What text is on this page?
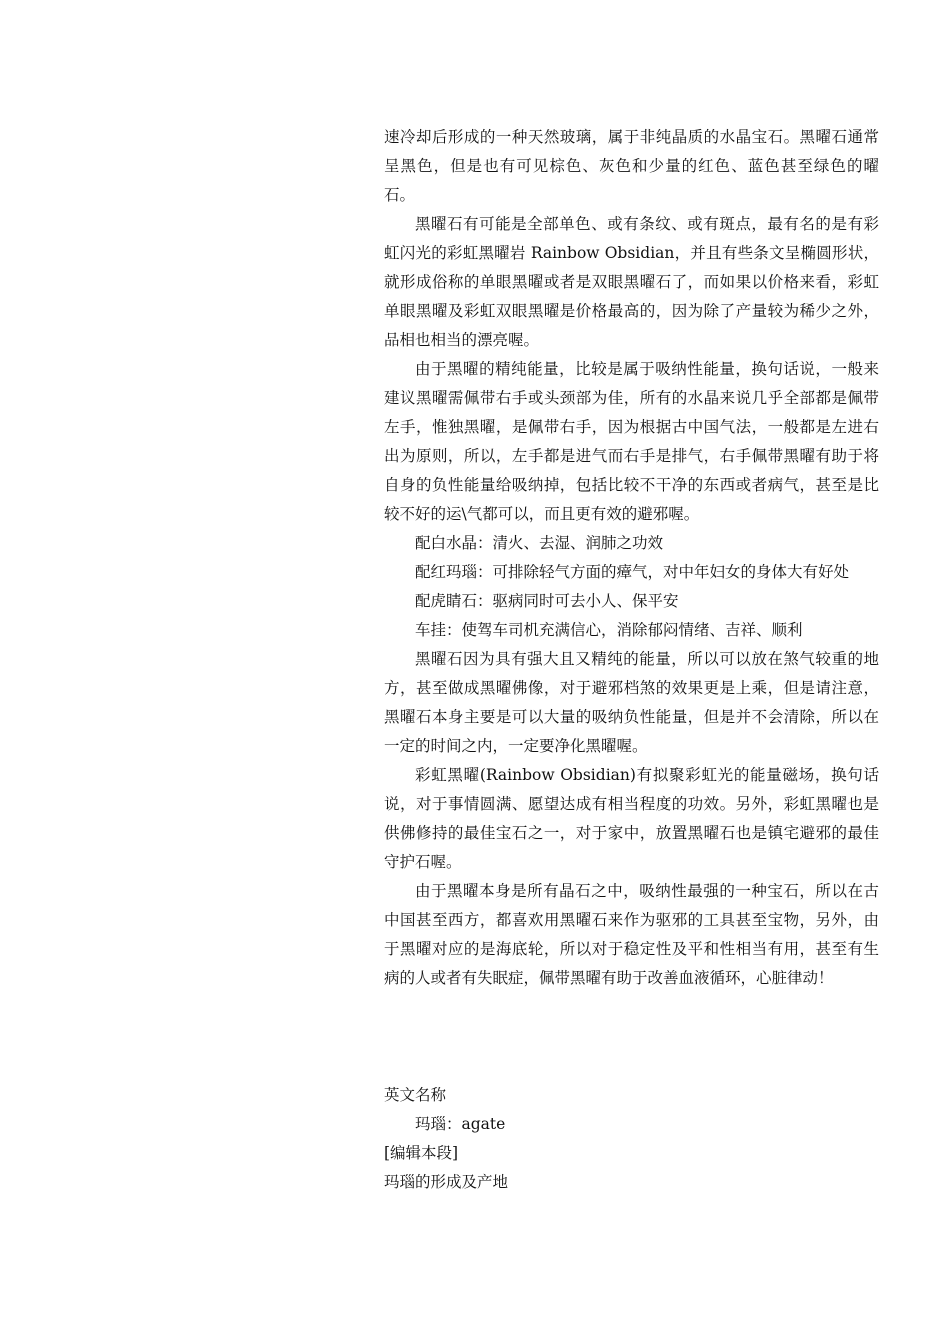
速冷却后形成的一种天然玻璃，属于非纯晶质的水晶宝石。黑曜石通常呈黑色，但是也有可见棕色、灰色和少量的红色、蓝色甚至绿色的曜石。

黑曜石有可能是全部单色、或有条纹、或有斑点，最有名的是有彩虹闪光的彩虹黑曜岩 Rainbow Obsidian，并且有些条文呈椭圆形状，就形成俗称的单眼黑曜或者是双眼黑曜石了，而如果以价格来看，彩虹单眼黑曜及彩虹双眼黑曜是价格最高的，因为除了产量较为稀少之外，品相也相当的漂亮喔。

由于黑曜的精纯能量，比较是属于吸纳性能量，换句话说，一般来建议黑曜需佩带右手或头颈部为佳，所有的水晶来说几乎全部都是佩带左手，惟独黑曜，是佩带右手，因为根据古中国气法，一般都是左进右出为原则，所以，左手都是进气而右手是排气，右手佩带黑曜有助于将自身的负性能量给吸纳掉，包括比较不干净的东西或者病气，甚至是比较不好的运\气都可以，而且更有效的避邪喔。

配白水晶：清火、去湿、润肺之功效

配红玛瑙：可排除轻气方面的瘴气，对中年妇女的身体大有好处

配虎睛石：驱病同时可去小人、保平安

车挂：使驾车司机充满信心，消除郁闷情绪、吉祥、顺利

黑曜石因为具有强大且又精纯的能量，所以可以放在煞气较重的地方，甚至做成黑曜佛像，对于避邪档煞的效果更是上乘，但是请注意，黑曜石本身主要是可以大量的吸纳负性能量，但是并不会清除，所以在一定的时间之内，一定要净化黑曜喔。

彩虹黑曜(Rainbow Obsidian)有拟聚彩虹光的能量磁场，换句话说，对于事情圆满、愿望达成有相当程度的功效。另外，彩虹黑曜也是供佛修持的最佳宝石之一，对于家中，放置黑曜石也是镇宅避邪的最佳守护石喔。

由于黑曜本身是所有晶石之中，吸纳性最强的一种宝石，所以在古中国甚至西方，都喜欢用黑曜石来作为驱邪的工具甚至宝物，另外，由于黑曜对应的是海底轮，所以对于稳定性及平和性相当有用，甚至有生病的人或者有失眠症，佩带黑曜有助于改善血液循环，心脏律动！

英文名称

玛瑙：agate

[编辑本段]

玛瑙的形成及产地
